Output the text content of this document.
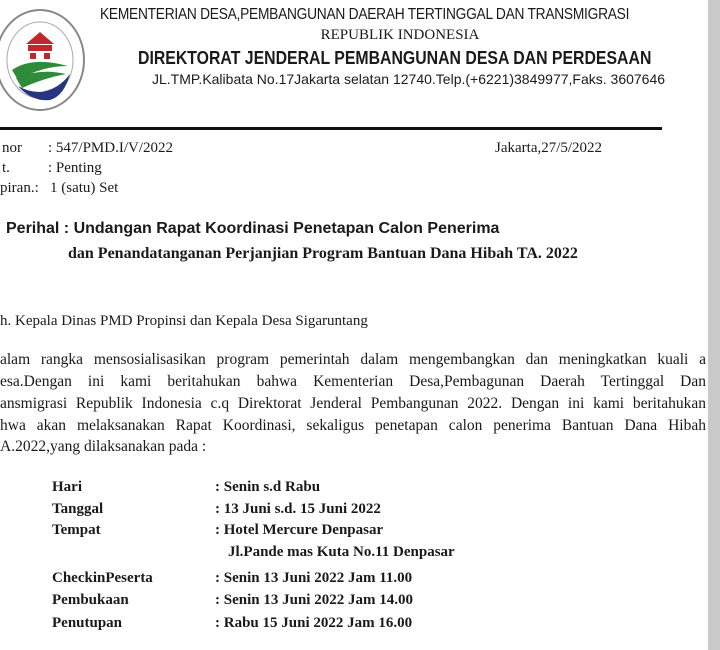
KEMENTERIAN DESA,PEMBANGUNAN DAERAH TERTINGGAL DAN TRANSMIGRASI
REPUBLIK INDONESIA
DIREKTORAT JENDERAL PEMBANGUNAN DESA DAN PERDESAAN
JL.TMP.Kalibata No.17Jakarta selatan 12740.Telp.(+6221)3849977,Faks. 3607646
nor : 547/PMD.I/V/2022	Jakarta,27/5/2022
t.	: Penting
piran.: 1 (satu) Set
Perihal : Undangan Rapat Koordinasi Penetapan Calon Penerima
dan Penandatanganan Perjanjian Program Bantuan Dana Hibah TA. 2022
h. Kepala Dinas PMD Propinsi dan Kepala Desa Sigaruntang
alam rangka mensosialisasikan program pemerintah dalam mengembangkan dan meningkatkan kuali a
esa.Dengan ini kami beritahukan bahwa Kementerian Desa,Pembagunan Daerah Tertinggal Dan
ansmigrasi Republik Indonesia c.q Direktorat Jenderal Pembangunan 2022. Dengan ini kami beritahukan
hwa akan melaksanakan Rapat Koordinasi, sekaligus penetapan calon penerima Bantuan Dana Hibah
A.2022,yang dilaksanakan pada :
Hari	: Senin s.d Rabu
Tanggal	: 13 Juni s.d. 15 Juni 2022
Tempat	: Hotel Mercure Denpasar
Jl.Pande mas Kuta No.11 Denpasar
CheckinPeserta	: Senin 13 Juni 2022 Jam 11.00
Pembukaan	: Senin 13 Juni 2022 Jam 14.00
Penutupan	: Rabu 15 Juni 2022 Jam 16.00
